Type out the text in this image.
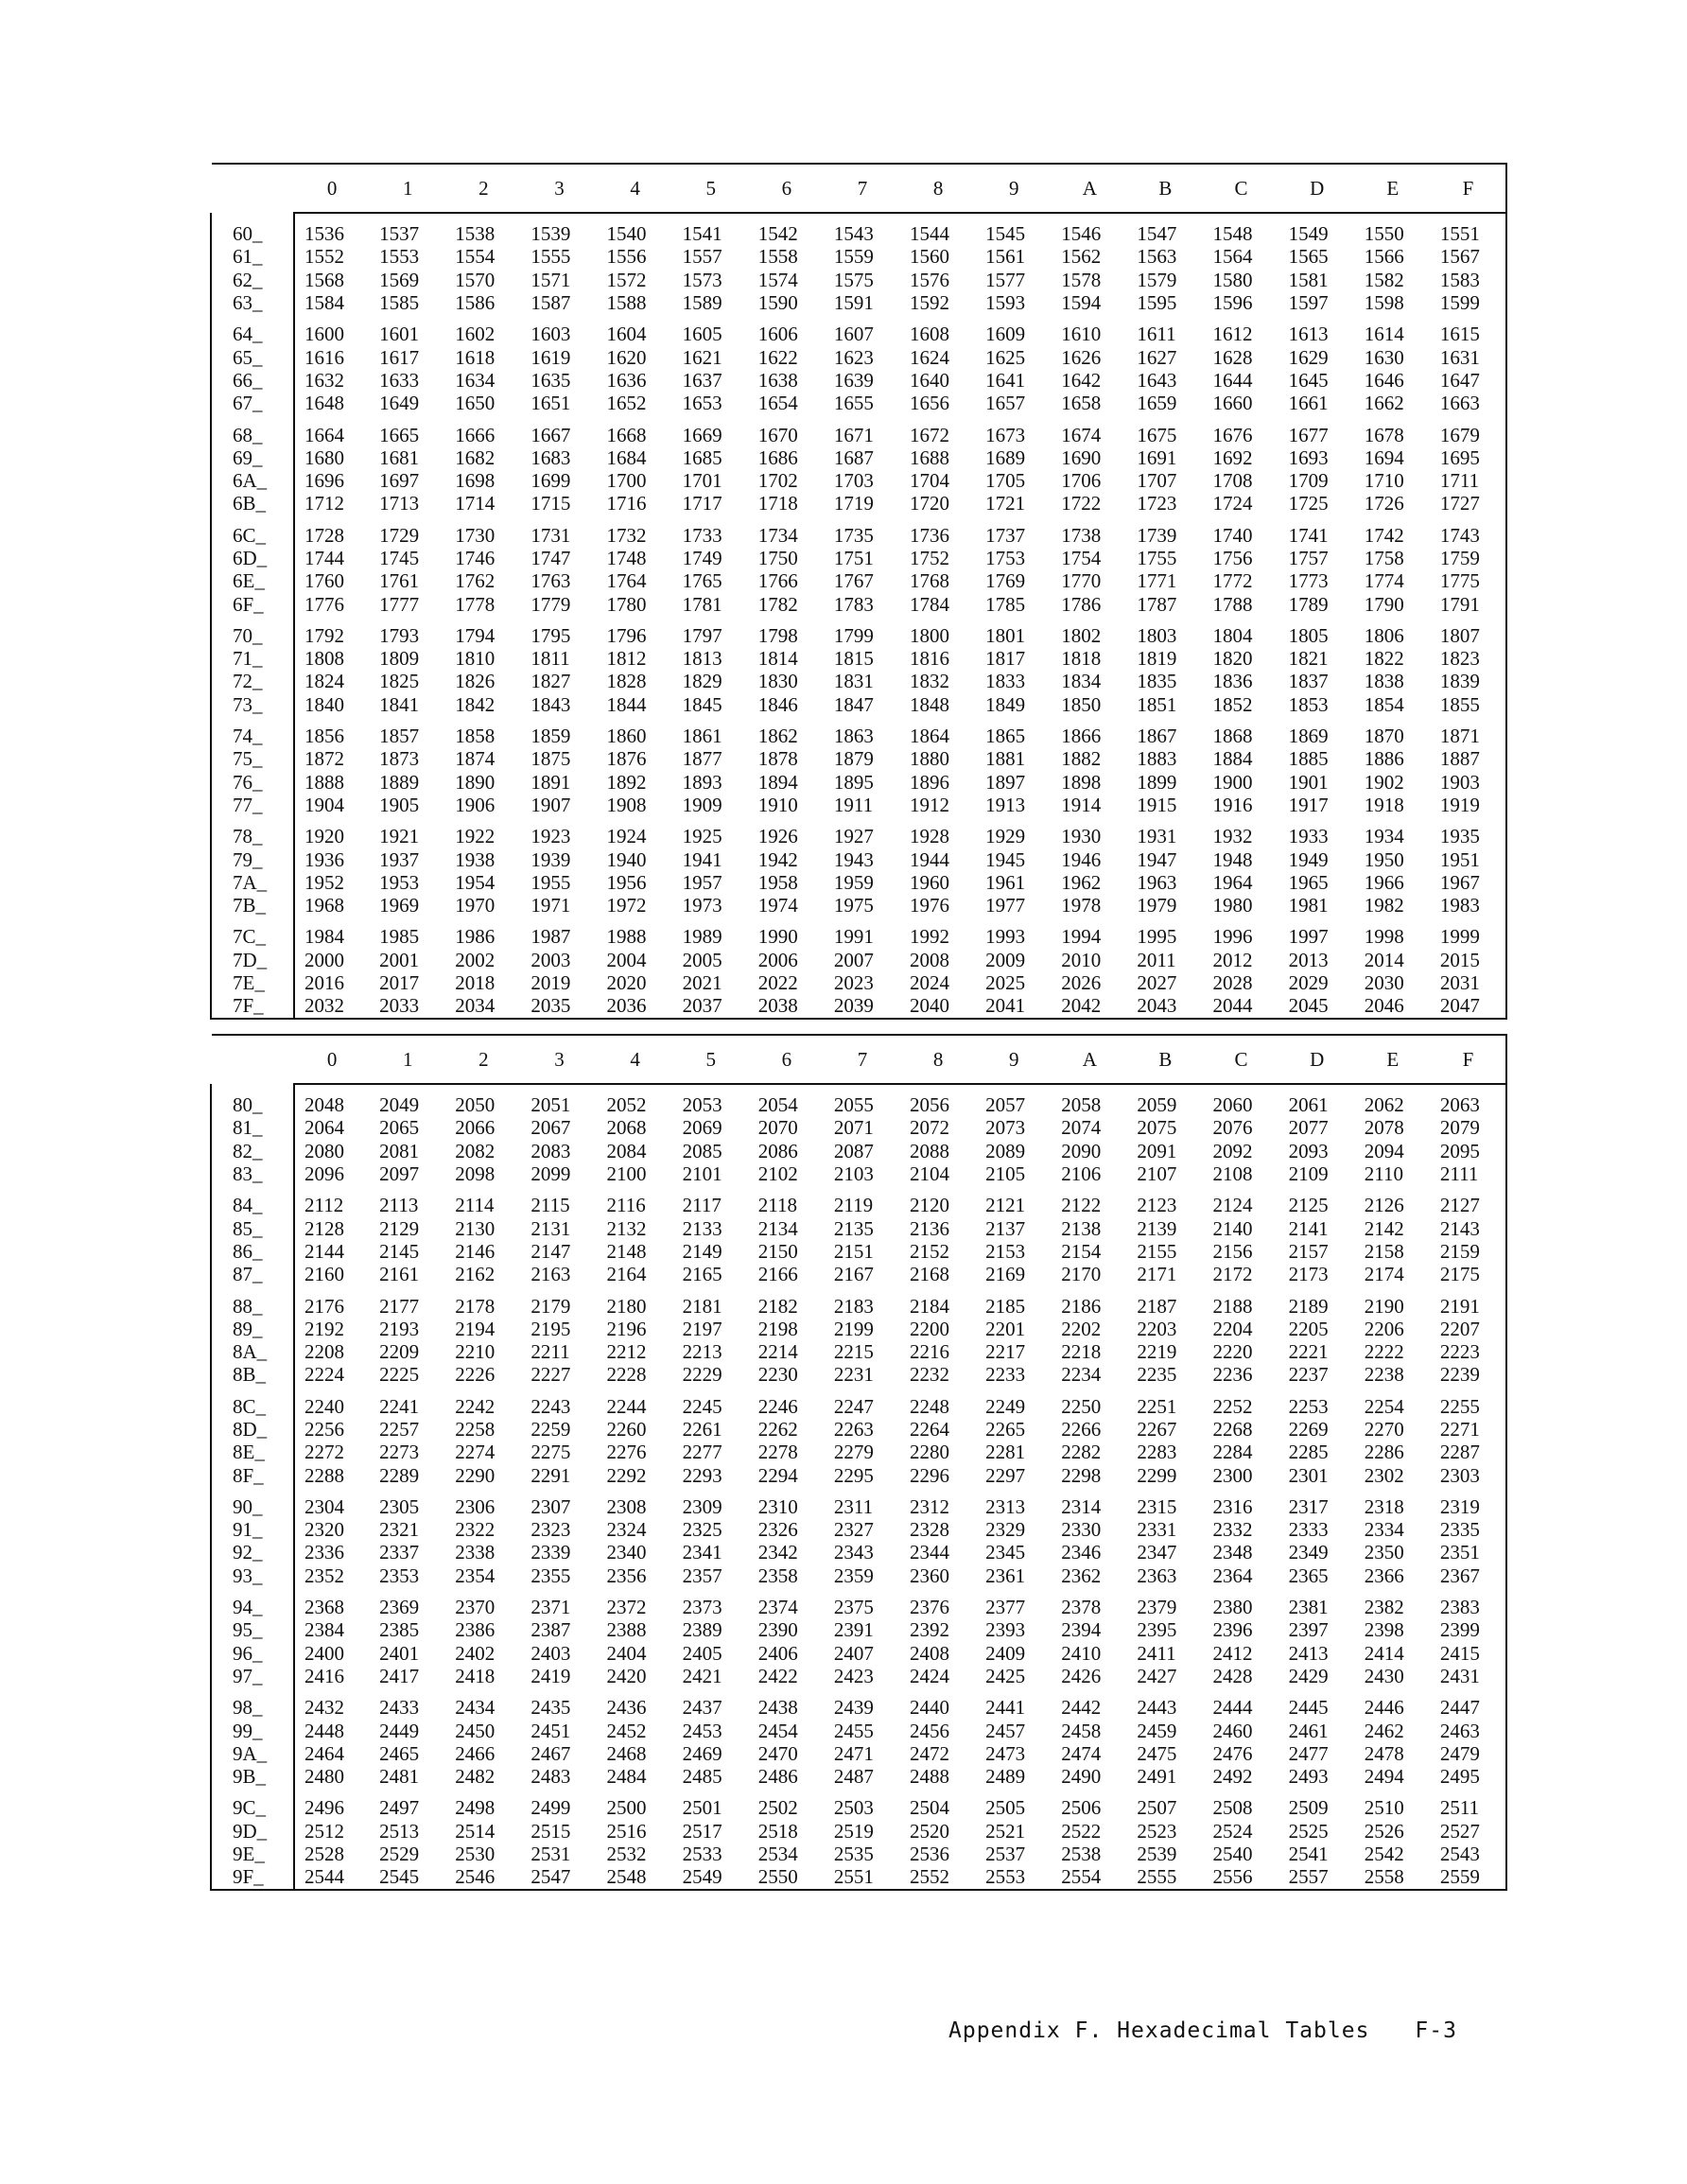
	0	1	2	3	4	5	6	7	8	9	A	B	C	D	E	F
60_	1536	1537	1538	1539	1540	1541	1542	1543	1544	1545	1546	1547	1548	1549	1550	1551
61_	1552	1553	1554	1555	1556	1557	1558	1559	1560	1561	1562	1563	1564	1565	1566	1567
62_	1568	1569	1570	1571	1572	1573	1574	1575	1576	1577	1578	1579	1580	1581	1582	1583
63_	1584	1585	1586	1587	1588	1589	1590	1591	1592	1593	1594	1595	1596	1597	1598	1599
64_	1600	1601	1602	1603	1604	1605	1606	1607	1608	1609	1610	1611	1612	1613	1614	1615
65_	1616	1617	1618	1619	1620	1621	1622	1623	1624	1625	1626	1627	1628	1629	1630	1631
66_	1632	1633	1634	1635	1636	1637	1638	1639	1640	1641	1642	1643	1644	1645	1646	1647
67_	1648	1649	1650	1651	1652	1653	1654	1655	1656	1657	1658	1659	1660	1661	1662	1663
68_	1664	1665	1666	1667	1668	1669	1670	1671	1672	1673	1674	1675	1676	1677	1678	1679
69_	1680	1681	1682	1683	1684	1685	1686	1687	1688	1689	1690	1691	1692	1693	1694	1695
6A_	1696	1697	1698	1699	1700	1701	1702	1703	1704	1705	1706	1707	1708	1709	1710	1711
6B_	1712	1713	1714	1715	1716	1717	1718	1719	1720	1721	1722	1723	1724	1725	1726	1727
6C_	1728	1729	1730	1731	1732	1733	1734	1735	1736	1737	1738	1739	1740	1741	1742	1743
6D_	1744	1745	1746	1747	1748	1749	1750	1751	1752	1753	1754	1755	1756	1757	1758	1759
6E_	1760	1761	1762	1763	1764	1765	1766	1767	1768	1769	1770	1771	1772	1773	1774	1775
6F_	1776	1777	1778	1779	1780	1781	1782	1783	1784	1785	1786	1787	1788	1789	1790	1791
70_	1792	1793	1794	1795	1796	1797	1798	1799	1800	1801	1802	1803	1804	1805	1806	1807
71_	1808	1809	1810	1811	1812	1813	1814	1815	1816	1817	1818	1819	1820	1821	1822	1823
72_	1824	1825	1826	1827	1828	1829	1830	1831	1832	1833	1834	1835	1836	1837	1838	1839
73_	1840	1841	1842	1843	1844	1845	1846	1847	1848	1849	1850	1851	1852	1853	1854	1855
74_	1856	1857	1858	1859	1860	1861	1862	1863	1864	1865	1866	1867	1868	1869	1870	1871
75_	1872	1873	1874	1875	1876	1877	1878	1879	1880	1881	1882	1883	1884	1885	1886	1887
76_	1888	1889	1890	1891	1892	1893	1894	1895	1896	1897	1898	1899	1900	1901	1902	1903
77_	1904	1905	1906	1907	1908	1909	1910	1911	1912	1913	1914	1915	1916	1917	1918	1919
78_	1920	1921	1922	1923	1924	1925	1926	1927	1928	1929	1930	1931	1932	1933	1934	1935
79_	1936	1937	1938	1939	1940	1941	1942	1943	1944	1945	1946	1947	1948	1949	1950	1951
7A_	1952	1953	1954	1955	1956	1957	1958	1959	1960	1961	1962	1963	1964	1965	1966	1967
7B_	1968	1969	1970	1971	1972	1973	1974	1975	1976	1977	1978	1979	1980	1981	1982	1983
7C_	1984	1985	1986	1987	1988	1989	1990	1991	1992	1993	1994	1995	1996	1997	1998	1999
7D_	2000	2001	2002	2003	2004	2005	2006	2007	2008	2009	2010	2011	2012	2013	2014	2015
7E_	2016	2017	2018	2019	2020	2021	2022	2023	2024	2025	2026	2027	2028	2029	2030	2031
7F_	2032	2033	2034	2035	2036	2037	2038	2039	2040	2041	2042	2043	2044	2045	2046	2047
	0	1	2	3	4	5	6	7	8	9	A	B	C	D	E	F
80_	2048	2049	2050	2051	2052	2053	2054	2055	2056	2057	2058	2059	2060	2061	2062	2063
81_	2064	2065	2066	2067	2068	2069	2070	2071	2072	2073	2074	2075	2076	2077	2078	2079
82_	2080	2081	2082	2083	2084	2085	2086	2087	2088	2089	2090	2091	2092	2093	2094	2095
83_	2096	2097	2098	2099	2100	2101	2102	2103	2104	2105	2106	2107	2108	2109	2110	2111
84_	2112	2113	2114	2115	2116	2117	2118	2119	2120	2121	2122	2123	2124	2125	2126	2127
85_	2128	2129	2130	2131	2132	2133	2134	2135	2136	2137	2138	2139	2140	2141	2142	2143
86_	2144	2145	2146	2147	2148	2149	2150	2151	2152	2153	2154	2155	2156	2157	2158	2159
87_	2160	2161	2162	2163	2164	2165	2166	2167	2168	2169	2170	2171	2172	2173	2174	2175
88_	2176	2177	2178	2179	2180	2181	2182	2183	2184	2185	2186	2187	2188	2189	2190	2191
89_	2192	2193	2194	2195	2196	2197	2198	2199	2200	2201	2202	2203	2204	2205	2206	2207
8A_	2208	2209	2210	2211	2212	2213	2214	2215	2216	2217	2218	2219	2220	2221	2222	2223
8B_	2224	2225	2226	2227	2228	2229	2230	2231	2232	2233	2234	2235	2236	2237	2238	2239
8C_	2240	2241	2242	2243	2244	2245	2246	2247	2248	2249	2250	2251	2252	2253	2254	2255
8D_	2256	2257	2258	2259	2260	2261	2262	2263	2264	2265	2266	2267	2268	2269	2270	2271
8E_	2272	2273	2274	2275	2276	2277	2278	2279	2280	2281	2282	2283	2284	2285	2286	2287
8F_	2288	2289	2290	2291	2292	2293	2294	2295	2296	2297	2298	2299	2300	2301	2302	2303
90_	2304	2305	2306	2307	2308	2309	2310	2311	2312	2313	2314	2315	2316	2317	2318	2319
91_	2320	2321	2322	2323	2324	2325	2326	2327	2328	2329	2330	2331	2332	2333	2334	2335
92_	2336	2337	2338	2339	2340	2341	2342	2343	2344	2345	2346	2347	2348	2349	2350	2351
93_	2352	2353	2354	2355	2356	2357	2358	2359	2360	2361	2362	2363	2364	2365	2366	2367
94_	2368	2369	2370	2371	2372	2373	2374	2375	2376	2377	2378	2379	2380	2381	2382	2383
95_	2384	2385	2386	2387	2388	2389	2390	2391	2392	2393	2394	2395	2396	2397	2398	2399
96_	2400	2401	2402	2403	2404	2405	2406	2407	2408	2409	2410	2411	2412	2413	2414	2415
97_	2416	2417	2418	2419	2420	2421	2422	2423	2424	2425	2426	2427	2428	2429	2430	2431
98_	2432	2433	2434	2435	2436	2437	2438	2439	2440	2441	2442	2443	2444	2445	2446	2447
99_	2448	2449	2450	2451	2452	2453	2454	2455	2456	2457	2458	2459	2460	2461	2462	2463
9A_	2464	2465	2466	2467	2468	2469	2470	2471	2472	2473	2474	2475	2476	2477	2478	2479
9B_	2480	2481	2482	2483	2484	2485	2486	2487	2488	2489	2490	2491	2492	2493	2494	2495
9C_	2496	2497	2498	2499	2500	2501	2502	2503	2504	2505	2506	2507	2508	2509	2510	2511
9D_	2512	2513	2514	2515	2516	2517	2518	2519	2520	2521	2522	2523	2524	2525	2526	2527
9E_	2528	2529	2530	2531	2532	2533	2534	2535	2536	2537	2538	2539	2540	2541	2542	2543
9F_	2544	2545	2546	2547	2548	2549	2550	2551	2552	2553	2554	2555	2556	2557	2558	2559
Appendix F. Hexadecimal Tables F-3
